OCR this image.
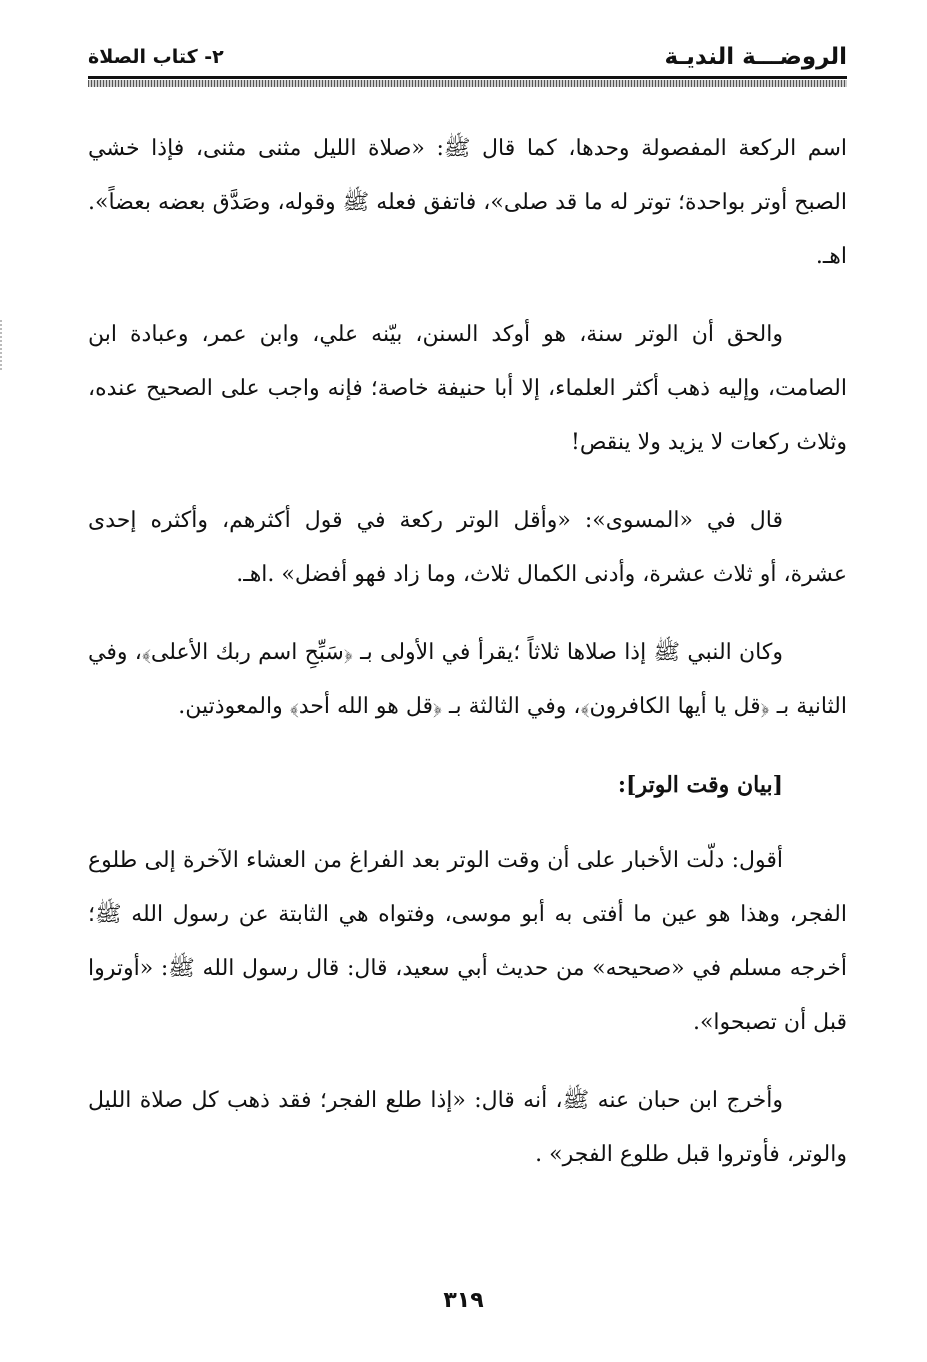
الروضـــة النديـة
٢- كتاب الصلاة

اسم الركعة المفصولة وحدها، كما قال ﷺ: «صلاة الليل مثنى مثنى، فإذا خشي الصبح أوتر بواحدة؛ توتر له ما قد صلى»، فاتفق فعله ﷺ وقوله، وصَدَّق بعضه بعضاً». اهـ.

والحق أن الوتر سنة، هو أوكد السنن، بيّنه علي، وابن عمر، وعبادة ابن الصامت، وإليه ذهب أكثر العلماء، إلا أبا حنيفة خاصة؛ فإنه واجب على الصحيح عنده، وثلاث ركعات لا يزيد ولا ينقص!

قال في «المسوى»: «وأقل الوتر ركعة في قول أكثرهم، وأكثره إحدى عشرة، أو ثلاث عشرة، وأدنى الكمال ثلاث، وما زاد فهو أفضل» .اهـ.

وكان النبي ﷺ إذا صلاها ثلاثاً ؛يقرأ في الأولى بـ ﴿سَبِّحِ اسم ربك الأعلى﴾، وفي الثانية بـ ﴿قل يا أيها الكافرون﴾، وفي الثالثة بـ ﴿قل هو الله أحد﴾ والمعوذتين.

[بيان وقت الوتر]:

أقول: دلّت الأخبار على أن وقت الوتر بعد الفراغ من العشاء الآخرة إلى طلوع الفجر، وهذا هو عين ما أفتى به أبو موسى، وفتواه هي الثابتة عن رسول الله ﷺ؛ أخرجه مسلم في «صحيحه» من حديث أبي سعيد، قال: قال رسول الله ﷺ: «أوتروا قبل أن تصبحوا».

وأخرج ابن حبان عنه ﷺ، أنه قال: «إذا طلع الفجر؛ فقد ذهب كل صلاة الليل والوتر، فأوتروا قبل طلوع الفجر» .

٣١٩
